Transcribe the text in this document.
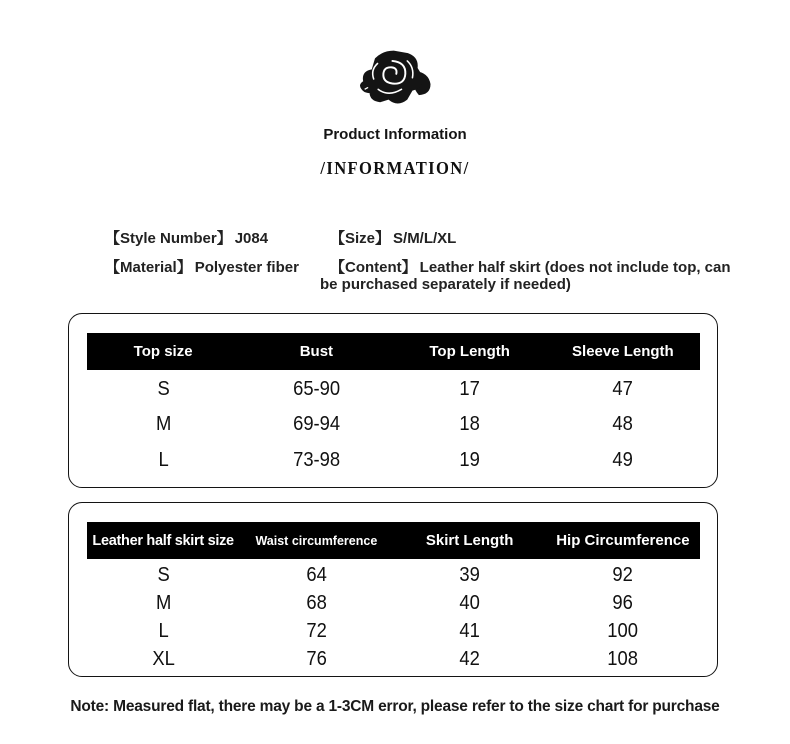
Product Information
/INFORMATION/

【Style Number】 J084

【Material】 Polyester fiber

【Size】 S/M/L/XL

【Content】 Leather half skirt (does not include top, can be purchased separately if needed)

Top size	Bust	Top Length	Sleeve Length
S	65-90	17	47
M	69-94	18	48
L	73-98	19	49
Leather half skirt size	Waist circumference	Skirt Length	Hip Circumference
S	64	39	92
M	68	40	96
L	72	41	100
XL	76	42	108
Note: Measured flat, there may be a 1-3CM error, please refer to the size chart for purchase
